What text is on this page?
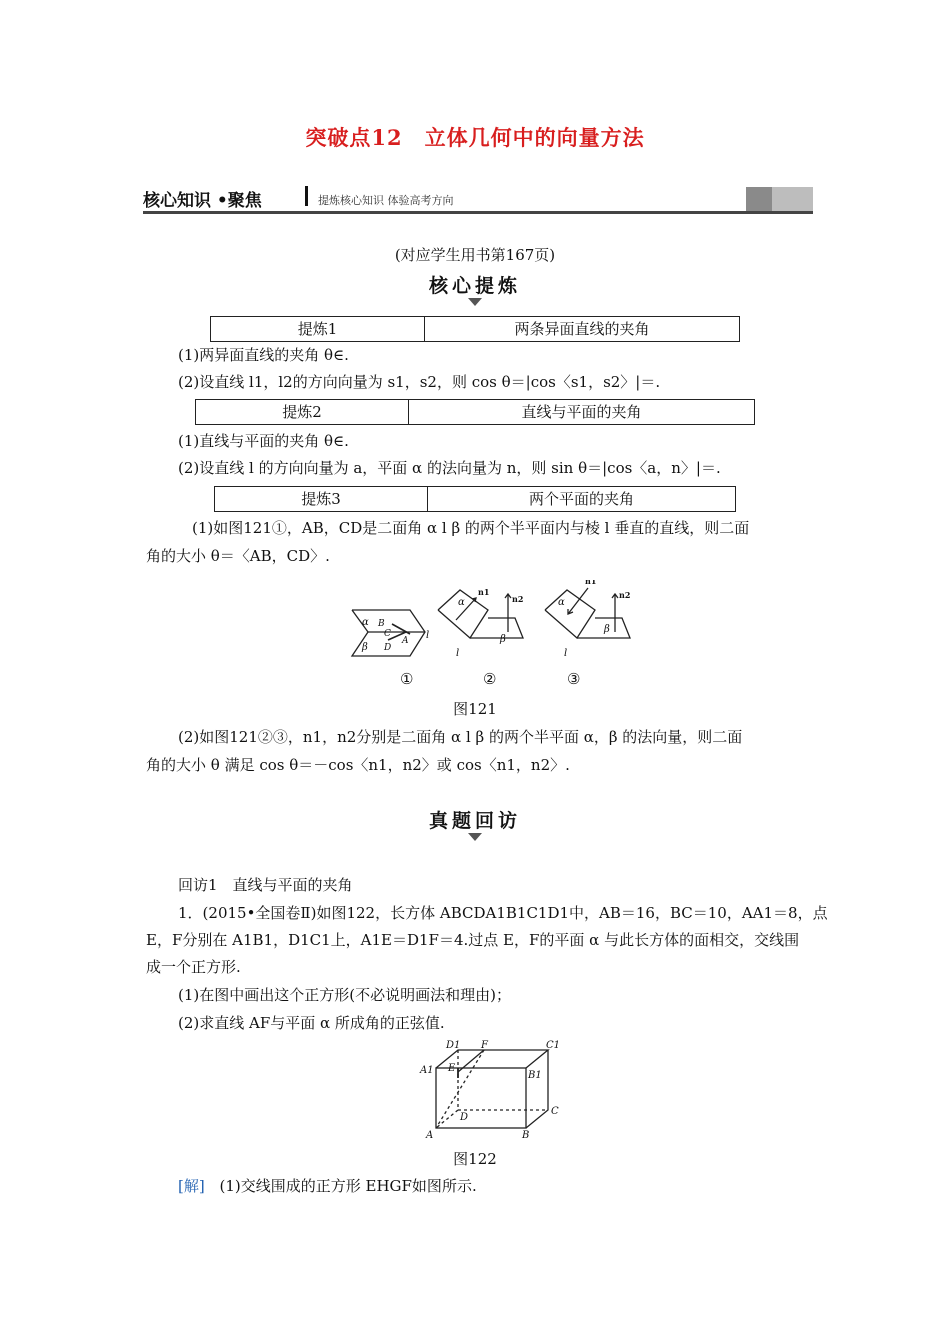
突破点12　立体几何中的向量方法
核心知识 •聚焦	提炼核心知识 体验高考方向
(对应学生用书第167页)
核心提炼
提炼1	两条异面直线的夹角
(1)两异面直线的夹角 θ∈.
(2)设直线 l1，l2的方向向量为 s1，s2，则 cos θ＝|cos〈s1，s2〉|＝.
提炼2	直线与平面的夹角
(1)直线与平面的夹角 θ∈.
(2)设直线 l 的方向向量为 a，平面 α 的法向量为 n，则 sin θ＝|cos〈a，n〉|＝.
提炼3	两个平面的夹角
(1)如图121①，AB，CD是二面角 α l β 的两个半平面内与棱 l 垂直的直线，则二面
角的大小 θ＝〈AB，CD〉.
α
β
B
C
A
D
l
α
n1
n2
β
l
α
n1
n2
β
l
①	②	③
图121
(2)如图121②③，n1，n2分别是二面角 α l β 的两个半平面 α，β 的法向量，则二面
角的大小 θ 满足 cos θ＝－cos〈n1，n2〉或 cos〈n1，n2〉.
真题回访
回访1　直线与平面的夹角
1．(2015•全国卷Ⅱ)如图122，长方体 ABCDA1B1C1D1中，AB＝16，BC＝10，AA1＝8，点
E，F分别在 A1B1，D1C1上，A1E＝D1F＝4.过点 E，F的平面 α 与此长方体的面相交，交线围
成一个正方形.
(1)在图中画出这个正方形(不必说明画法和理由)；
(2)求直线 AF与平面 α 所成角的正弦值.
D1 F	C1
A1 E
B1
D
C
A	B
图122
[解] (1)交线围成的正方形 EHGF如图所示.
